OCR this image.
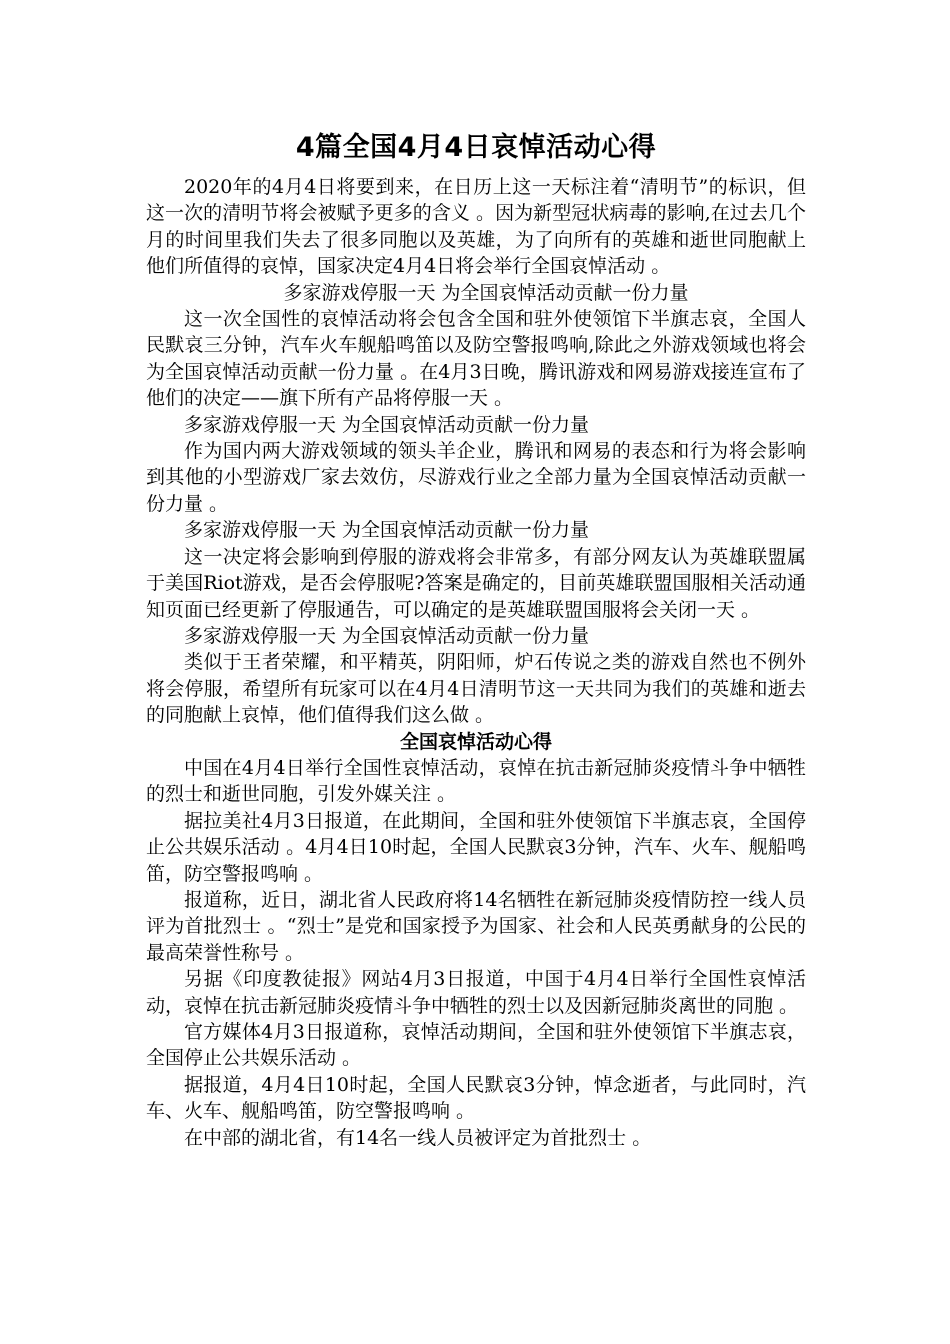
4篇全国4月4日哀悼活动心得

2020年的4月4日将要到来，在日历上这一天标注着“清明节”的标识，但这一次的清明节将会被赋予更多的含义 。因为新型冠状病毒的影响,在过去几个月的时间里我们失去了很多同胞以及英雄，为了向所有的英雄和逝世同胞献上他们所值得的哀悼，国家决定4月4日将会举行全国哀悼活动 。

多家游戏停服一天 为全国哀悼活动贡献一份力量

这一次全国性的哀悼活动将会包含全国和驻外使领馆下半旗志哀，全国人民默哀三分钟，汽车火车舰船鸣笛以及防空警报鸣响,除此之外游戏领域也将会为全国哀悼活动贡献一份力量 。在4月3日晚，腾讯游戏和网易游戏接连宣布了他们的决定——旗下所有产品将停服一天 。

多家游戏停服一天 为全国哀悼活动贡献一份力量

作为国内两大游戏领域的领头羊企业，腾讯和网易的表态和行为将会影响到其他的小型游戏厂家去效仿，尽游戏行业之全部力量为全国哀悼活动贡献一份力量 。

多家游戏停服一天 为全国哀悼活动贡献一份力量

这一决定将会影响到停服的游戏将会非常多，有部分网友认为英雄联盟属于美国Riot游戏，是否会停服呢?答案是确定的，目前英雄联盟国服相关活动通知页面已经更新了停服通告，可以确定的是英雄联盟国服将会关闭一天 。

多家游戏停服一天 为全国哀悼活动贡献一份力量

类似于王者荣耀，和平精英，阴阳师，炉石传说之类的游戏自然也不例外将会停服，希望所有玩家可以在4月4日清明节这一天共同为我们的英雄和逝去的同胞献上哀悼，他们值得我们这么做 。

全国哀悼活动心得

中国在4月4日举行全国性哀悼活动，哀悼在抗击新冠肺炎疫情斗争中牺牲的烈士和逝世同胞，引发外媒关注 。

据拉美社4月3日报道，在此期间，全国和驻外使领馆下半旗志哀，全国停止公共娱乐活动 。4月4日10时起，全国人民默哀3分钟，汽车、火车、舰船鸣笛，防空警报鸣响 。

报道称，近日，湖北省人民政府将14名牺牲在新冠肺炎疫情防控一线人员评为首批烈士 。“烈士”是党和国家授予为国家、社会和人民英勇献身的公民的最高荣誉性称号 。

另据《印度教徒报》网站4月3日报道，中国于4月4日举行全国性哀悼活动，哀悼在抗击新冠肺炎疫情斗争中牺牲的烈士以及因新冠肺炎离世的同胞 。

官方媒体4月3日报道称，哀悼活动期间，全国和驻外使领馆下半旗志哀，全国停止公共娱乐活动 。

据报道，4月4日10时起，全国人民默哀3分钟，悼念逝者，与此同时，汽车、火车、舰船鸣笛，防空警报鸣响 。

在中部的湖北省，有14名一线人员被评定为首批烈士 。
